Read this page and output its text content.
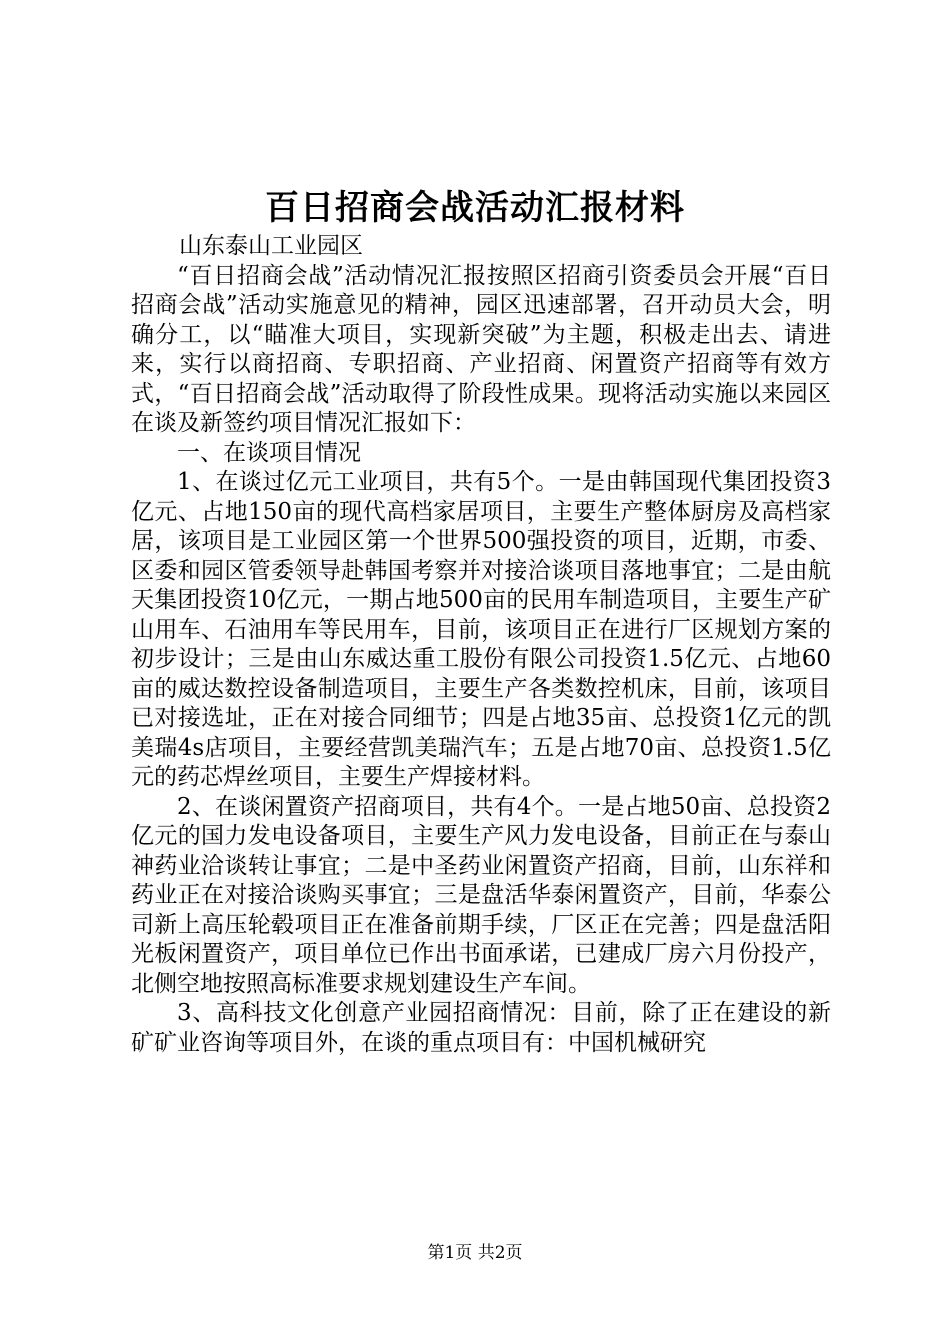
百日招商会战活动汇报材料

山东泰山工业园区

“百日招商会战”活动情况汇报按照区招商引资委员会开展“百日招商会战”活动实施意见的精神，园区迅速部署，召开动员大会，明确分工，以“瞄准大项目，实现新突破”为主题，积极走出去、请进来，实行以商招商、专职招商、产业招商、闲置资产招商等有效方式，“百日招商会战”活动取得了阶段性成果。现将活动实施以来园区在谈及新签约项目情况汇报如下：

一、在谈项目情况

1、在谈过亿元工业项目，共有5个。一是由韩国现代集团投资3亿元、占地150亩的现代高档家居项目，主要生产整体厨房及高档家居，该项目是工业园区第一个世界500强投资的项目，近期，市委、区委和园区管委领导赴韩国考察并对接洽谈项目落地事宜；二是由航天集团投资10亿元，一期占地500亩的民用车制造项目，主要生产矿山用车、石油用车等民用车，目前，该项目正在进行厂区规划方案的初步设计；三是由山东威达重工股份有限公司投资1.5亿元、占地60亩的威达数控设备制造项目，主要生产各类数控机床，目前，该项目已对接选址，正在对接合同细节；四是占地35亩、总投资1亿元的凯美瑞4s店项目，主要经营凯美瑞汽车；五是占地70亩、总投资1.5亿元的药芯焊丝项目，主要生产焊接材料。

2、在谈闲置资产招商项目，共有4个。一是占地50亩、总投资2亿元的国力发电设备项目，主要生产风力发电设备，目前正在与泰山神药业洽谈转让事宜；二是中圣药业闲置资产招商，目前，山东祥和药业正在对接洽谈购买事宜；三是盘活华泰闲置资产，目前，华泰公司新上高压轮毂项目正在准备前期手续，厂区正在完善；四是盘活阳光板闲置资产，项目单位已作出书面承诺，已建成厂房六月份投产，北侧空地按照高标准要求规划建设生产车间。

3、高科技文化创意产业园招商情况：目前，除了正在建设的新矿矿业咨询等项目外，在谈的重点项目有：中国机械研究

第1页 共2页
